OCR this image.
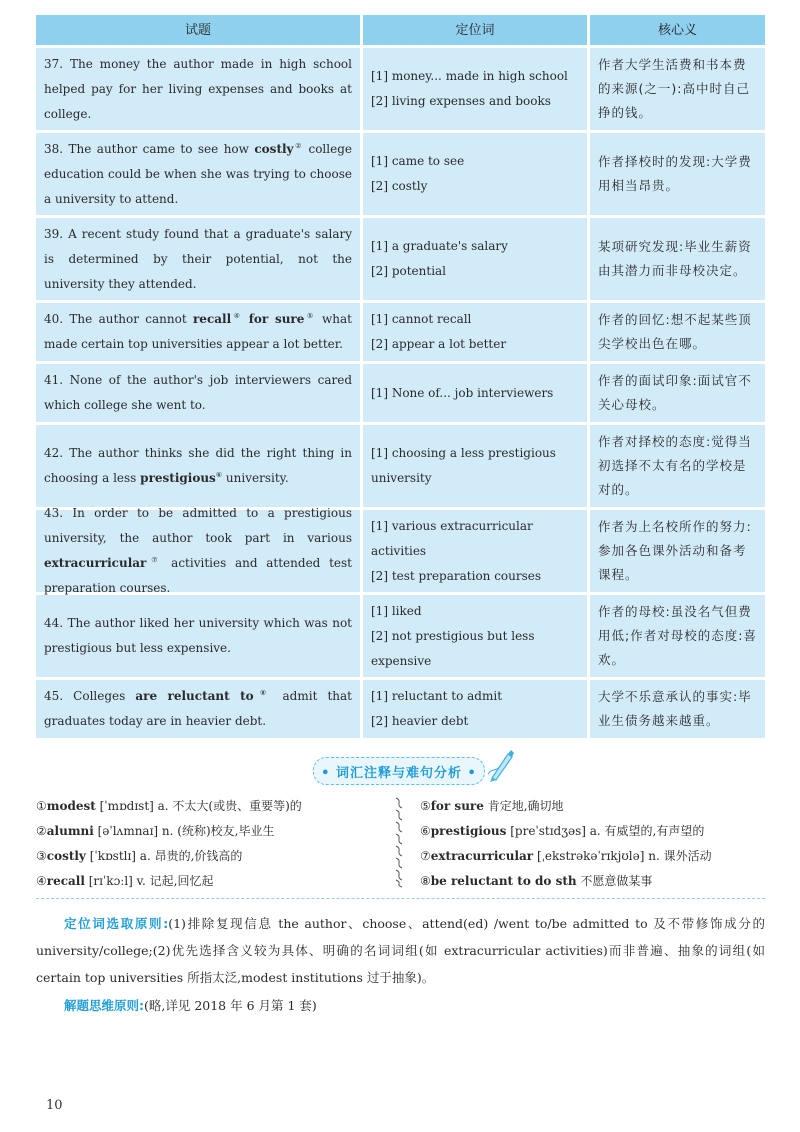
试题	定位词	核心义
37. The money the author made in high school helped pay for her living expenses and books at college.
[1] money... made in high school
[2] living expenses and books
作者大学生活费和书本费的来源(之一):高中时自己挣的钱。
38. The author came to see how costly② college education could be when she was trying to choose a university to attend.
[1] came to see
[2] costly
作者择校时的发现:大学费用相当昂贵。
39. A recent study found that a graduate's salary is determined by their potential, not the university they attended.
[1] a graduate's salary
[2] potential
某项研究发现:毕业生薪资由其潜力而非母校决定。
40. The author cannot recall④ for sure⑤ what made certain top universities appear a lot better.
[1] cannot recall
[2] appear a lot better
作者的回忆:想不起某些顶尖学校出色在哪。
41. None of the author's job interviewers cared which college she went to.
[1] None of... job interviewers
作者的面试印象:面试官不关心母校。
42. The author thinks she did the right thing in choosing a less prestigious⑥ university.
[1] choosing a less prestigious university
作者对择校的态度:觉得当初选择不太有名的学校是对的。
43. In order to be admitted to a prestigious university, the author took part in various extracurricular⑦ activities and attended test preparation courses.
[1] various extracurricular activities
[2] test preparation courses
作者为上名校所作的努力:参加各色课外活动和备考课程。
44. The author liked her university which was not prestigious but less expensive.
[1] liked
[2] not prestigious but less expensive
作者的母校:虽没名气但费用低;作者对母校的态度:喜欢。
45. Colleges are reluctant to⑧ admit that graduates today are in heavier debt.
[1] reluctant to admit
[2] heavier debt
大学不乐意承认的事实:毕业生债务越来越重。
• 词汇注释与难句分析 •
①modest [ˈmɒdɪst] a. 不太大(或贵、重要等)的
②alumni [əˈlʌmnaɪ] n. (统称)校友,毕业生
③costly [ˈkɒstlɪ] a. 昂贵的,价钱高的
④recall [rɪˈkɔːl] v. 记起,回忆起
⑤for sure 肯定地,确切地
⑥prestigious [preˈstɪdʒəs] a. 有威望的,有声望的
⑦extracurricular [ˌekstrəkəˈrɪkjʊlə] n. 课外活动
⑧be reluctant to do sth 不愿意做某事
定位词选取原则:(1)排除复现信息 the author、choose、attend(ed) /went to/be admitted to 及不带修饰成分的 university/college;(2)优先选择含义较为具体、明确的名词词组(如 extracurricular activities)而非普遍、抽象的词组(如 certain top universities 所指太泛,modest institutions 过于抽象)。
解题思维原则:(略,详见 2018 年 6 月第 1 套)
10
